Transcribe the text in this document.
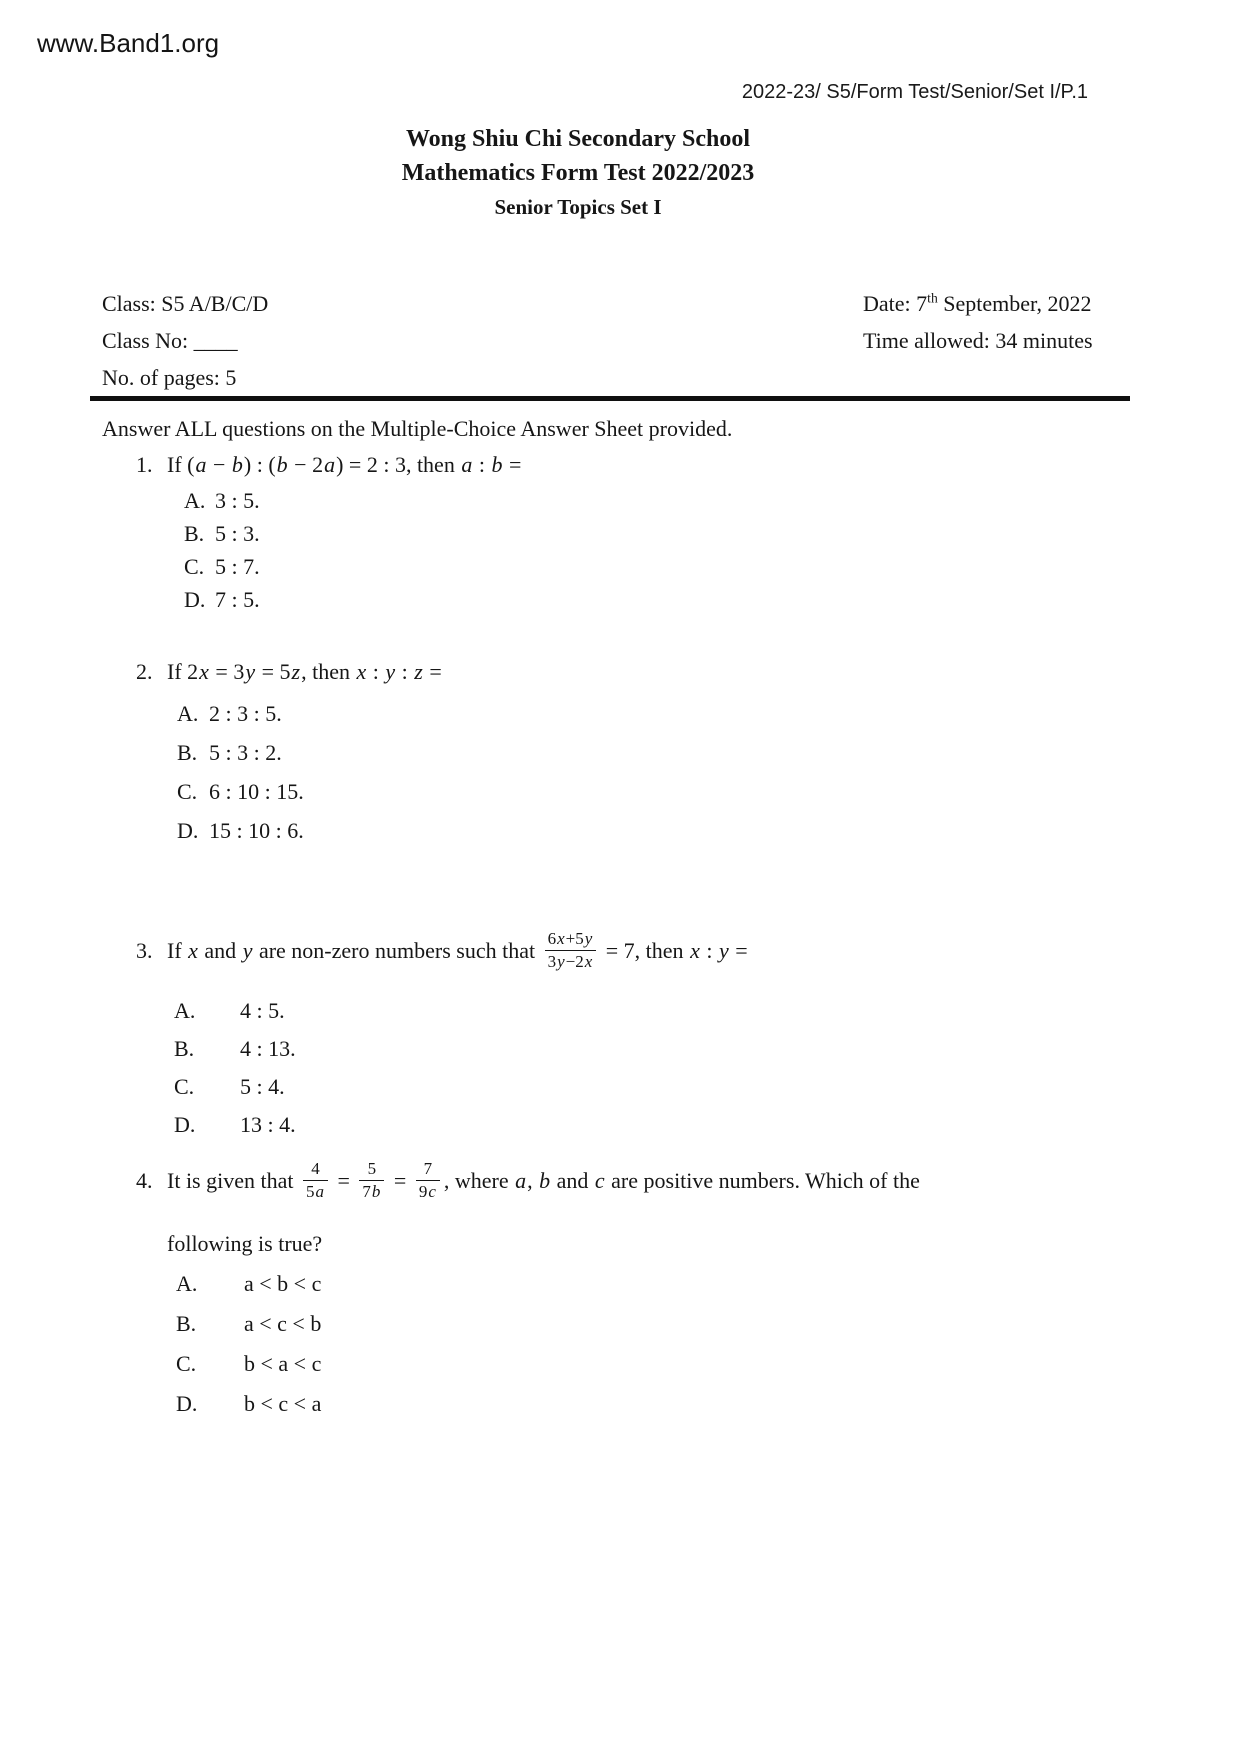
www.Band1.org
2022-23/ S5/Form Test/Senior/Set I/P.1
Wong Shiu Chi Secondary School
Mathematics Form Test 2022/2023
Senior Topics Set I
Class: S5 A/B/C/D	Date: 7th September, 2022
Class No: ____	Time allowed: 34 minutes
No. of pages: 5
Answer ALL questions on the Multiple-Choice Answer Sheet provided.
1. If (a − b) : (b − 2a) = 2 : 3, then a : b =
A. 3 : 5.
B. 5 : 3.
C. 5 : 7.
D. 7 : 5.
2. If 2x = 3y = 5z, then x : y : z =
A. 2 : 3 : 5.
B. 5 : 3 : 2.
C. 6 : 10 : 15.
D. 15 : 10 : 6.
3. If x and y are non-zero numbers such that $\frac{6x+5y}{3y-2x} = 7$, then x : y =
A. 4 : 5.
B. 4 : 13.
C. 5 : 4.
D. 13 : 4.
4. It is given that $\frac{4}{5a} = \frac{5}{7b} = \frac{7}{9c}$ , where a, b and c are positive numbers. Which of the
following is true?
A. a < b < c
B. a < c < b
C. b < a < c
D. b < c < a
